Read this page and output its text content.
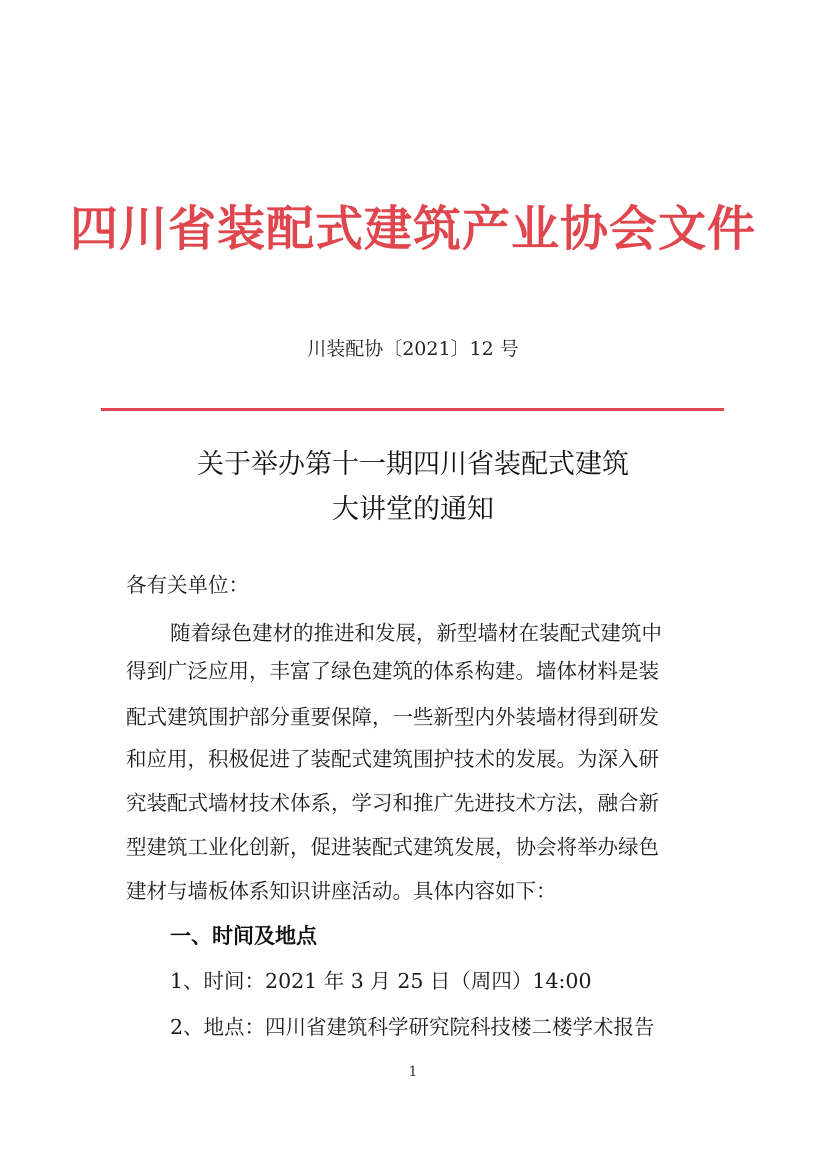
四川省装配式建筑产业协会文件
川装配协〔2021〕12 号
关于举办第十一期四川省装配式建筑
大讲堂的通知
各有关单位：
随着绿色建材的推进和发展，新型墙材在装配式建筑中
得到广泛应用，丰富了绿色建筑的体系构建。墙体材料是装
配式建筑围护部分重要保障，一些新型内外装墙材得到研发
和应用，积极促进了装配式建筑围护技术的发展。为深入研
究装配式墙材技术体系，学习和推广先进技术方法，融合新
型建筑工业化创新，促进装配式建筑发展，协会将举办绿色
建材与墙板体系知识讲座活动。具体内容如下：
一、时间及地点
1、时间：2021 年 3 月 25 日（周四）14:00
2、地点：四川省建筑科学研究院科技楼二楼学术报告
1
